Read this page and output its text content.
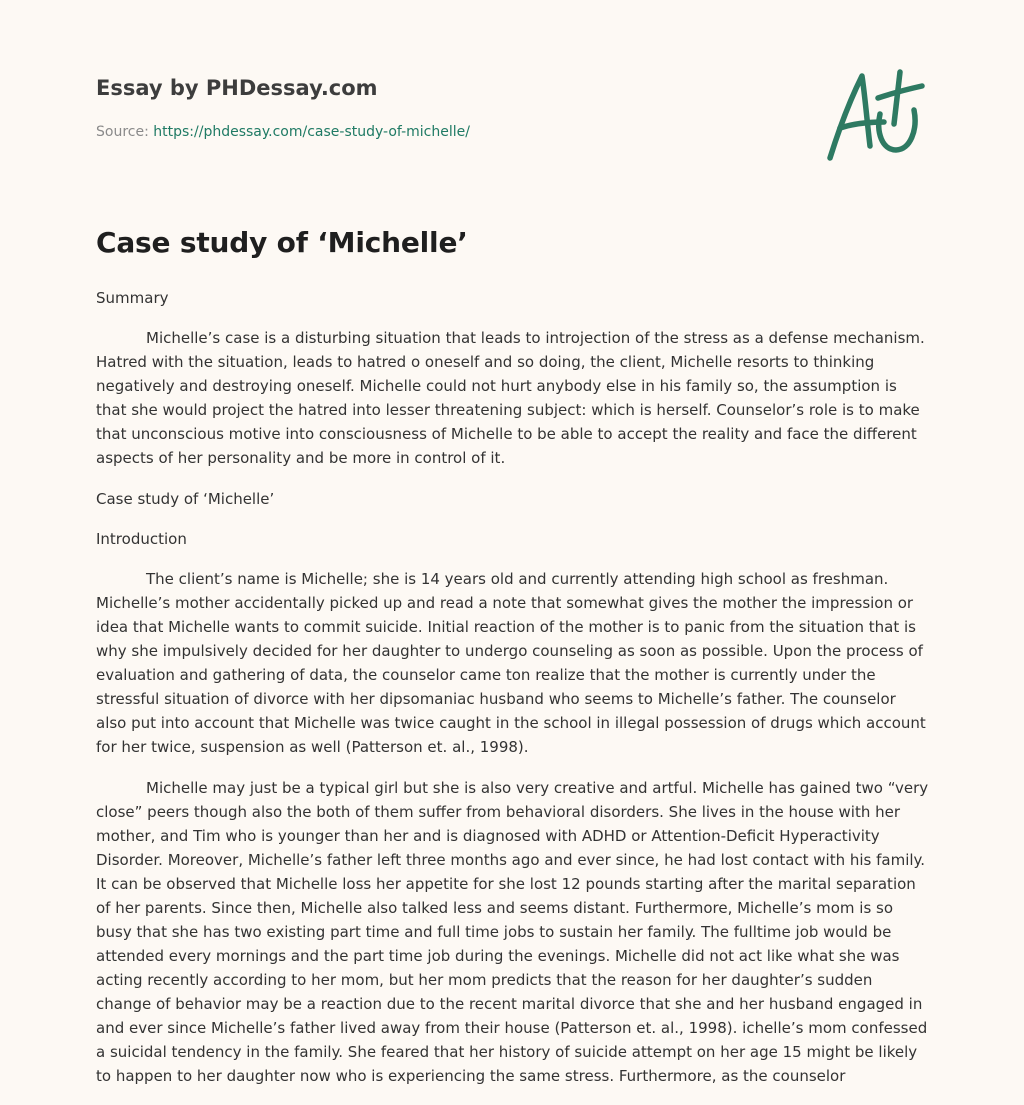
Essay by PHDessay.com
Source: https://phdessay.com/case-study-of-michelle/
Case study of ‘Michelle’

Summary

Michelle’s case is a disturbing situation that leads to introjection of the stress as a defense mechanism. Hatred with the situation, leads to hatred o oneself and so doing, the client, Michelle resorts to thinking negatively and destroying oneself. Michelle could not hurt anybody else in his family so, the assumption is that she would project the hatred into lesser threatening subject: which is herself. Counselor’s role is to make that unconscious motive into consciousness of Michelle to be able to accept the reality and face the different aspects of her personality and be more in control of it.

Case study of ‘Michelle’

Introduction

The client’s name is Michelle; she is 14 years old and currently attending high school as freshman. Michelle’s mother accidentally picked up and read a note that somewhat gives the mother the impression or idea that Michelle wants to commit suicide. Initial reaction of the mother is to panic from the situation that is why she impulsively decided for her daughter to undergo counseling as soon as possible. Upon the process of evaluation and gathering of data, the counselor came ton realize that the mother is currently under the stressful situation of divorce with her dipsomaniac husband who seems to Michelle’s father. The counselor also put into account that Michelle was twice caught in the school in illegal possession of drugs which account for her twice, suspension as well (Patterson et. al., 1998).

Michelle may just be a typical girl but she is also very creative and artful. Michelle has gained two “very close” peers though also the both of them suffer from behavioral disorders. She lives in the house with her mother, and Tim who is younger than her and is diagnosed with ADHD or Attention-Deficit Hyperactivity Disorder. Moreover, Michelle’s father left three months ago and ever since, he had lost contact with his family. It can be observed that Michelle loss her appetite for she lost 12 pounds starting after the marital separation of her parents. Since then, Michelle also talked less and seems distant. Furthermore, Michelle’s mom is so busy that she has two existing part time and full time jobs to sustain her family. The fulltime job would be attended every mornings and the part time job during the evenings. Michelle did not act like what she was acting recently according to her mom, but her mom predicts that the reason for her daughter’s sudden change of behavior may be a reaction due to the recent marital divorce that she and her husband engaged in and ever since Michelle’s father lived away from their house (Patterson et. al., 1998). ichelle’s mom confessed a suicidal tendency in the family. She feared that her history of suicide attempt on her age 15 might be likely to happen to her daughter now who is experiencing the same stress. Furthermore, as the counselor
